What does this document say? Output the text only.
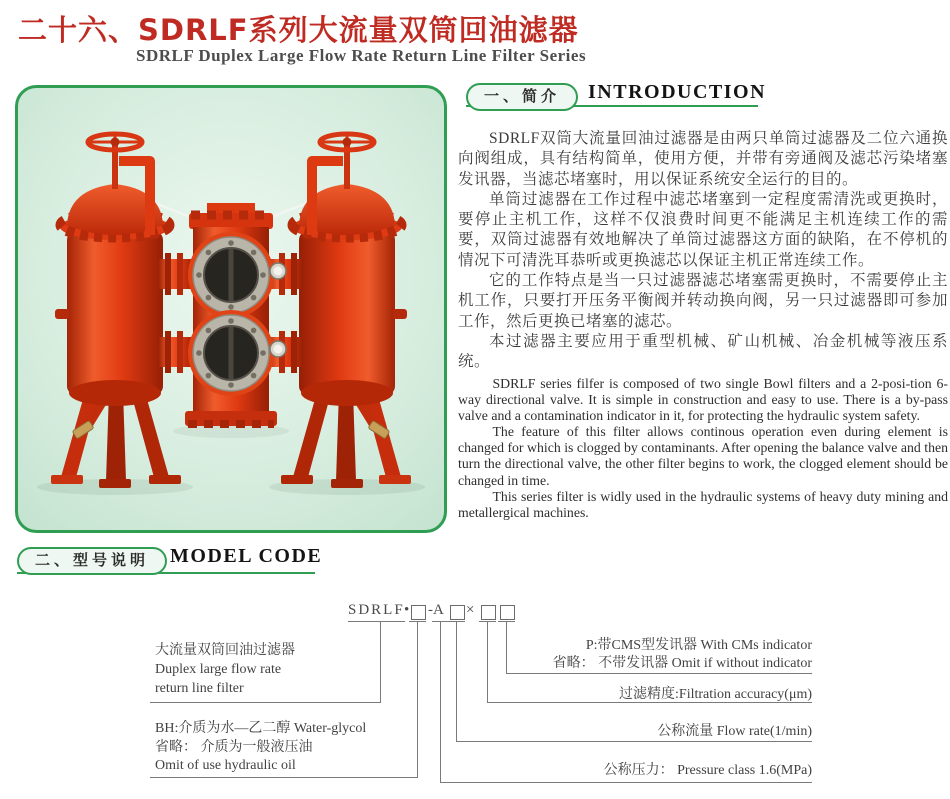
二十六、SDRLF系列大流量双筒回油滤器
SDRLF Duplex Large Flow Rate Return Line Filter Series
一、简介	INTRODUCTION

SDRLF双筒大流量回油过滤器是由两只单筒过滤器及二位六通换向阀组成，具有结构简单，使用方便，并带有旁通阀及滤芯污染堵塞发讯器，当滤芯堵塞时，用以保证系统安全运行的目的。

单筒过滤器在工作过程中滤芯堵塞到一定程度需清洗或更换时，要停止主机工作，这样不仅浪费时间更不能满足主机连续工作的需要，双筒过滤器有效地解决了单筒过滤器这方面的缺陷，在不停机的情况下可清洗耳恭听或更换滤芯以保证主机正常连续工作。

它的工作特点是当一只过滤器滤芯堵塞需更换时，不需要停止主机工作，只要打开压务平衡阀并转动换向阀，另一只过滤器即可参加工作，然后更换已堵塞的滤芯。

本过滤器主要应用于重型机械、矿山机械、冶金机械等液压系统。

SDRLF series filfer is composed of two single Bowl filters and a 2-posi-tion 6-way directional valve. It is simple in construction and easy to use. There is a by-pass valve and a contamination indicator in it, for protecting the hydraulic system safety.

The feature of this filter allows continous operation even during element is changed for which is clogged by contaminants. After opening the balance valve and then turn the directional valve, the other filter begins to work, the clogged element should be changed in time.

This series filter is widly used in the hydraulic systems of heavy duty mining and metallergical machines.

二、型号说明	MODEL CODE
SDRLF • -A ×
大流量双筒回油过滤器
Duplex large flow rate
return line filter
BH:介质为水—乙二醇 Water-glycol
省略： 介质为一般液压油
Omit of use hydraulic oil
P:带CMS型发讯器 With CMs indicator
省略： 不带发讯器 Omit if without indicator
过滤精度:Filtration accuracy(μm)
公称流量 Flow rate(1/min)
公称压力： Pressure class 1.6(MPa)
